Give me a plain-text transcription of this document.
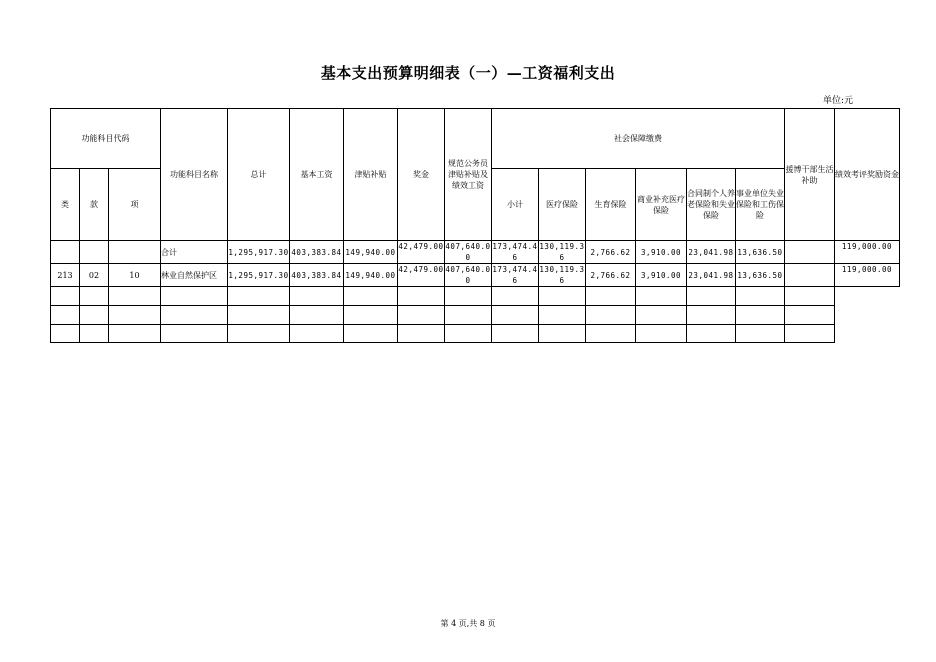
基本支出预算明细表（一）—工资福利支出
单位:元
功能科目代码			功能科目名称	总计	基本工资	津贴补贴	奖金	规范公务员津贴补贴及绩效工资	社会保障缴费						援博干部生活补助	绩效考评奖励资金
类	款	项							小计	医疗保险	生育保险	商业补充医疗保险	合同制个人养老保险和失业保险	事业单位失业保险和工伤保险		
			合计	1,295,917.30	403,383.84	149,940.00	42,479.00	407,640.00	173,474.46	130,119.36	2,766.62	3,910.00	23,041.98	13,636.50		119,000.00
213	02	10	林业自然保护区	1,295,917.30	403,383.84	149,940.00	42,479.00	407,640.00	173,474.46	130,119.36	2,766.62	3,910.00	23,041.98	13,636.50		119,000.00

第 4 页,共 8 页
